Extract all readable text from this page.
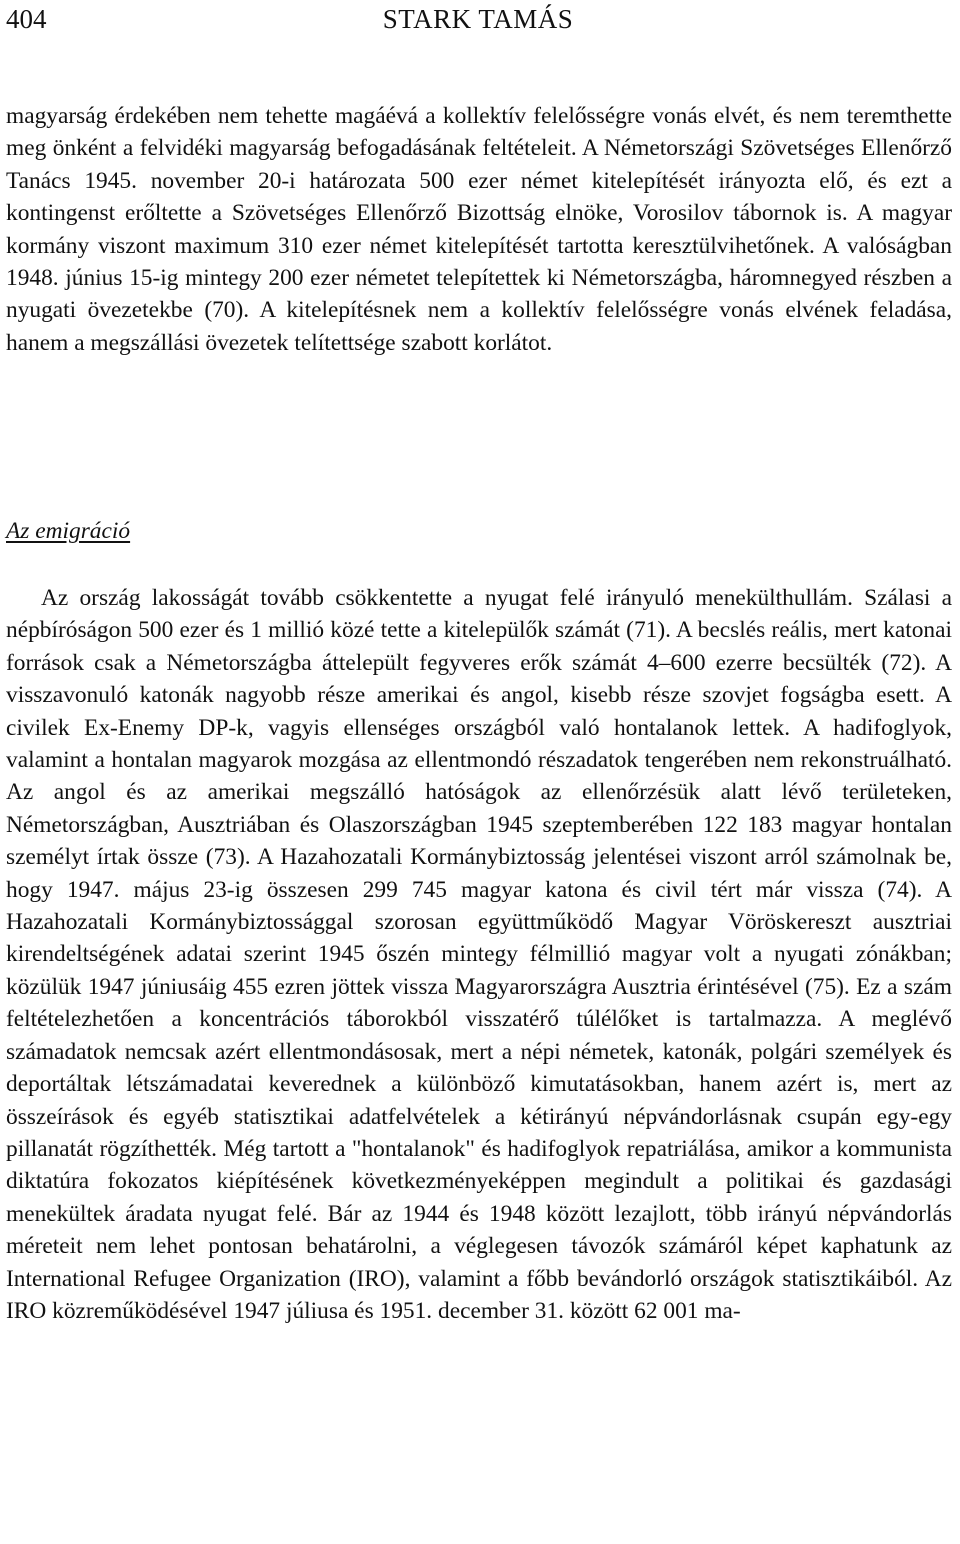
404	STARK TAMÁS

magyarság érdekében nem tehette magáévá a kollektív felelősségre vonás elvét, és nem teremthette meg önként a felvidéki magyarság befogadásának feltételeit. A Németországi Szövetséges Ellenőrző Tanács 1945. november 20-i határozata 500 ezer német kitelepítését irányozta elő, és ezt a kontingenst erőltette a Szövetséges Ellenőrző Bizottság elnöke, Vorosilov tábornok is. A magyar kormány viszont maximum 310 ezer német kitelepítését tartotta keresztülvihetőnek. A valóságban 1948. június 15-ig mintegy 200 ezer németet telepítettek ki Németországba, háromnegyed részben a nyugati övezetekbe (70). A kitelepítésnek nem a kollektív felelősségre vonás elvének feladása, hanem a megszállási övezetek telítettsége szabott korlátot.

Az emigráció

Az ország lakosságát tovább csökkentette a nyugat felé irányuló menekülthullám. Szálasi a népbíróságon 500 ezer és 1 millió közé tette a kitelepülők számát (71). A becslés reális, mert katonai források csak a Németországba áttelepült fegyveres erők számát 4–600 ezerre becsülték (72). A visszavonuló katonák nagyobb része amerikai és angol, kisebb része szovjet fogságba esett. A civilek Ex-Enemy DP-k, vagyis ellenséges országból való hontalanok lettek. A hadifoglyok, valamint a hontalan magyarok mozgása az ellentmondó részadatok tengerében nem rekonstruálható. Az angol és az amerikai megszálló hatóságok az ellenőrzésük alatt lévő területeken, Németországban, Ausztriában és Olaszországban 1945 szeptemberében 122 183 magyar hontalan személyt írtak össze (73). A Hazahozatali Kormánybiztosság jelentései viszont arról számolnak be, hogy 1947. május 23-ig összesen 299 745 magyar katona és civil tért már vissza (74). A Hazahozatali Kormánybiztossággal szorosan együttműködő Magyar Vöröskereszt ausztriai kirendeltségének adatai szerint 1945 őszén mintegy félmillió magyar volt a nyugati zónákban; közülük 1947 júniusáig 455 ezren jöttek vissza Magyarországra Ausztria érintésével (75). Ez a szám feltételezhetően a koncentrációs táborokból visszatérő túlélőket is tartalmazza. A meglévő számadatok nemcsak azért ellentmondásosak, mert a népi németek, katonák, polgári személyek és deportáltak létszámadatai keverednek a különböző kimutatásokban, hanem azért is, mert az összeírások és egyéb statisztikai adatfelvételek a kétirányú népvándorlásnak csupán egy-egy pillanatát rögzíthették. Még tartott a "hontalanok" és hadifoglyok repatriálása, amikor a kommunista diktatúra fokozatos kiépítésének következményeképpen megindult a politikai és gazdasági menekültek áradata nyugat felé. Bár az 1944 és 1948 között lezajlott, több irányú népvándorlás méreteit nem lehet pontosan behatárolni, a véglegesen távozók számáról képet kaphatunk az International Refugee Organization (IRO), valamint a főbb bevándorló országok statisztikáiból. Az IRO közreműködésével 1947 júliusa és 1951. december 31. között 62 001 ma-
